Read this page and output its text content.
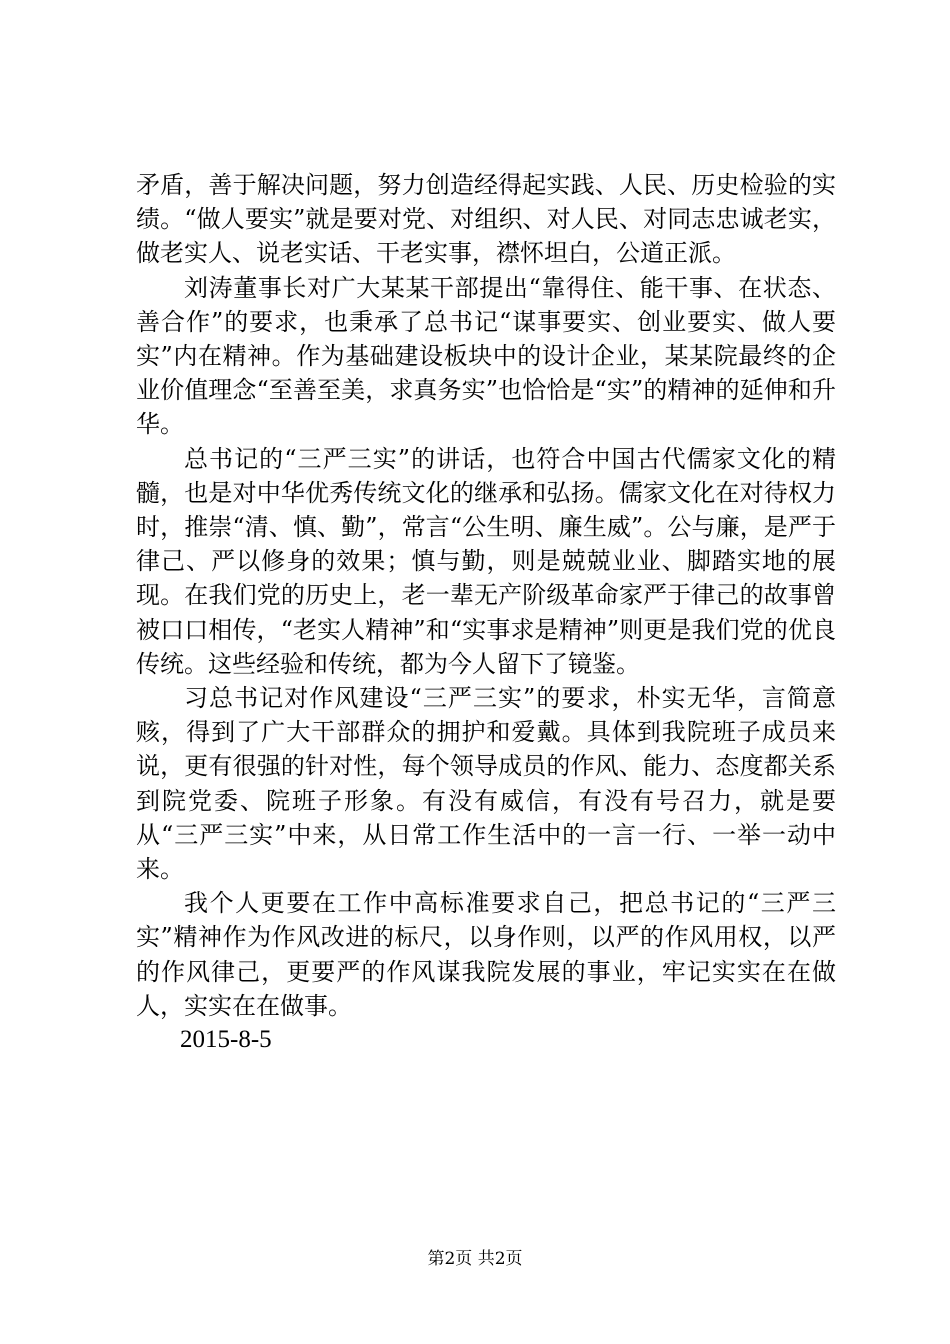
矛盾，善于解决问题，努力创造经得起实践、人民、历史检验的实绩。“做人要实”就是要对党、对组织、对人民、对同志忠诚老实，做老实人、说老实话、干老实事，襟怀坦白，公道正派。

刘涛董事长对广大某某干部提出“靠得住、能干事、在状态、善合作”的要求，也秉承了总书记“谋事要实、创业要实、做人要实”内在精神。作为基础建设板块中的设计企业，某某院最终的企业价值理念“至善至美，求真务实”也恰恰是“实”的精神的延伸和升华。

总书记的“三严三实”的讲话，也符合中国古代儒家文化的精髓，也是对中华优秀传统文化的继承和弘扬。儒家文化在对待权力时，推崇“清、慎、勤”，常言“公生明、廉生威”。公与廉，是严于律己、严以修身的效果；慎与勤，则是兢兢业业、脚踏实地的展现。在我们党的历史上，老一辈无产阶级革命家严于律己的故事曾被口口相传，“老实人精神”和“实事求是精神”则更是我们党的优良传统。这些经验和传统，都为今人留下了镜鉴。

习总书记对作风建设“三严三实”的要求，朴实无华，言简意赅，得到了广大干部群众的拥护和爱戴。具体到我院班子成员来说，更有很强的针对性，每个领导成员的作风、能力、态度都关系到院党委、院班子形象。有没有威信，有没有号召力，就是要从“三严三实”中来，从日常工作生活中的一言一行、一举一动中来。

我个人更要在工作中高标准要求自己，把总书记的“三严三实”精神作为作风改进的标尺，以身作则，以严的作风用权，以严的作风律己，更要严的作风谋我院发展的事业，牢记实实在在做人，实实在在做事。

2015-8-5

第2页 共2页
